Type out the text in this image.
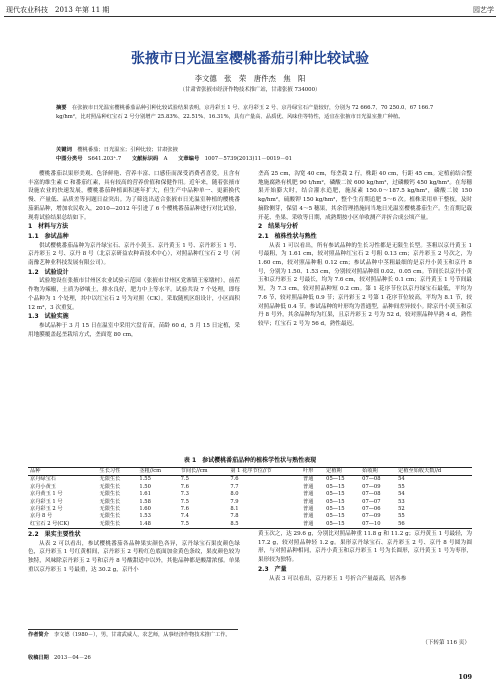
现代农业科技　2013 年第 11 期	园艺学
张掖市日光温室樱桃番茄引种比较试验
李文德　张　荣　唐件杰　焦　阳
（甘肃省张掖市经济作物技术推广站，甘肃张掖 734000）
摘要　 在张掖市日光温室樱桃番茄品种引种比较试验结果表明，京丹彩玉 1 号、京丹彩玉 2 号、京丹绿宝石产量较好，分别为 72 666.7、70 250.0、67 166.7 kg/hm²，比对照品种红宝石 2 号分别增产 25.83%、22.51%、16.31%，具有产量高、品质优、风味佳等特性，适宜在张掖市日光温室推广种植。
关键词　 樱桃番茄；日光温室；引种比较；甘肃张掖
中图分类号　 S641.203⁺.7　　 文献标识码　 A　　 文章编号　 1007－5739(2013)11－0019－01

樱桃番茄以果形美观、色泽鲜艳、营养丰富、口感佳而深受消费者喜爱，且含有丰富的维生素 C 和番茄红素，具有较高的营养价值和保健作用。近年来，随着张掖市设施农业的快速发展，樱桃番茄种植面积逐年扩大，但生产中品种单一、更新换代慢、产量低、品质差等问题日益突出。为了筛选出适合张掖市日光温室种植的樱桃番茄新品种，增加农民收入，2010—2012 年引进了 6 个樱桃番茄品种进行对比试验，现将试验结果总结如下。

1　材料与方法
1.1　参试品种

供试樱桃番茄品种为京丹绿宝石、京丹小黄玉、京丹黄玉 1 号、京丹彩玉 1 号、京丹彩玉 2 号、京丹 8 号（北京京研益农种苗技术中心），对照品种红宝石 2 号（河南豫艺种业科技发展有限公司）。

1.2　试验设计

试验地设在张掖市甘州区农业试验示范园（张掖市甘州区党寨镇王家墩村），前茬作物为辣椒，土质为砂壤土，排水良好，肥力中上等水平。试验共设 7 个处理，即每个品种为 1 个处理，其中以红宝石 2 号为对照（CK）。采取随机区组设计，小区面积 12 m²，3 次重复。

1.3　试验实施

参试品种于 3 月 15 日在温室中采用穴盘育苗，苗龄 60 d，5 月 15 日定植，采用地膜覆盖起垄栽培方式，垄面宽 80 cm，

垄高 25 cm，沟宽 40 cm，每垄栽 2 行，株距 40 cm，行距 45 cm。定植前结合整地施腐熟有机肥 90 t/hm²，磷酸二铵 600 kg/hm²，过磷酸钙 450 kg/hm²。在每穗果开始膨大时，结合灌水追肥，施尿素 150.0～187.5 kg/hm²，磷酸二铵 150 kg/hm²，硫酸钾 150 kg/hm²，整个生育期追肥 5～6 次。植株采用单干整枝，及时摘除侧芽，保留 4～5 穗果，其余管理措施同当地日光温室樱桃番茄生产。生育期记载开花、坐果、采收等日期，成熟期按小区单收测产并折合成公顷产量。

2　结果与分析
2.1　植株性状与熟性

从表 1 可以看出，所有参试品种的生长习性都是无限生长型。茎粗以京丹黄玉 1 号最粗，为 1.61 cm，较对照品种红宝石 2 号粗 0.13 cm；京丹彩玉 2 号次之，为 1.60 cm，较对照品种粗 0.12 cm；参试品种中茎粗最细的是京丹小黄玉和京丹 8 号，分别为 1.50、1.53 cm，分别较对照品种细 0.02、0.05 cm。节间长以京丹小黄玉和京丹彩玉 2 号最长，均为 7.6 cm，较对照品种长 0.1 cm；京丹黄玉 1 号节间最短，为 7.3 cm，较对照品种短 0.2 cm。第 1 花序节位以京丹绿宝石最低，平均为 7.6 节，较对照品种低 0.9 节；京丹彩玉 2 号第 1 花序节位较高，平均为 8.1 节，较对照品种低 0.4 节。参试品种的叶形均为普通型，品种间差异较小。除京丹小黄玉和京丹 8 号外，其余品种均为红果，且京丹彩玉 2 号为 52 d，较对照品种早熟 4 d，熟性较早；红宝石 2 号为 56 d，熟性最迟。

表 1　参试樱桃番茄品种的植株学性状与熟性表现
品种	生长习性	茎粗//cm	节间长//cm	第 1 花序节位//节	叶形	定植期	始收期	定植至始收天数//d
京丹绿宝石	无限生长	1.55	7.5	7.6	普通	05—15	07—08	54
京丹小黄玉	无限生长	1.50	7.6	7.7	普通	05—15	07—09	55
京丹黄玉 1 号	无限生长	1.61	7.3	8.0	普通	05—15	07—08	54
京丹彩玉 1 号	无限生长	1.58	7.5	7.9	普通	05—15	07—07	53
京丹彩玉 2 号	无限生长	1.60	7.6	8.1	普通	05—15	07—06	52
京丹 8 号	无限生长	1.53	7.4	7.8	普通	05—15	07—09	55
红宝石 2 号(CK)	无限生长	1.48	7.5	8.5	普通	05—15	07—10	56
2.2　果实主要性状

从表 2 可以看出，参试樱桃番茄各品种果实颜色各异，京丹绿宝石果皮颜色绿色，京丹彩玉 1 号红黄相间，京丹彩玉 2 号粉红色底面加金黄色条纹，果皮颜色较为独特，风味除京丹彩玉 2 号和京丹 8 号酸甜适中以外，其他品种都是酸甜浓郁。单果重以京丹彩玉 1 号最重，达 30.2 g，京丹小

黄玉次之，达 29.6 g，分别比对照品种重 11.8 g 和 11.2 g；京丹黄玉 1 号最轻，为 17.2 g，较对照品种轻 1.2 g。果形京丹绿宝石、京丹彩玉 2 号、京丹 8 号圆为圆形，与对照品种相同，京丹小黄玉和京丹彩玉 1 号为长圆形，京丹黄玉 1 号为枣形，果形较为独特。

2.3　产量

从表 3 可以看出，京丹彩玉 1 号折合产量最高，居各参

作者简介　 李文德（1980－），男，甘肃武威人，农艺师，从事经济作物技术推广工作。
收稿日期　 2013－04－26
（下转第 116 页）
109
